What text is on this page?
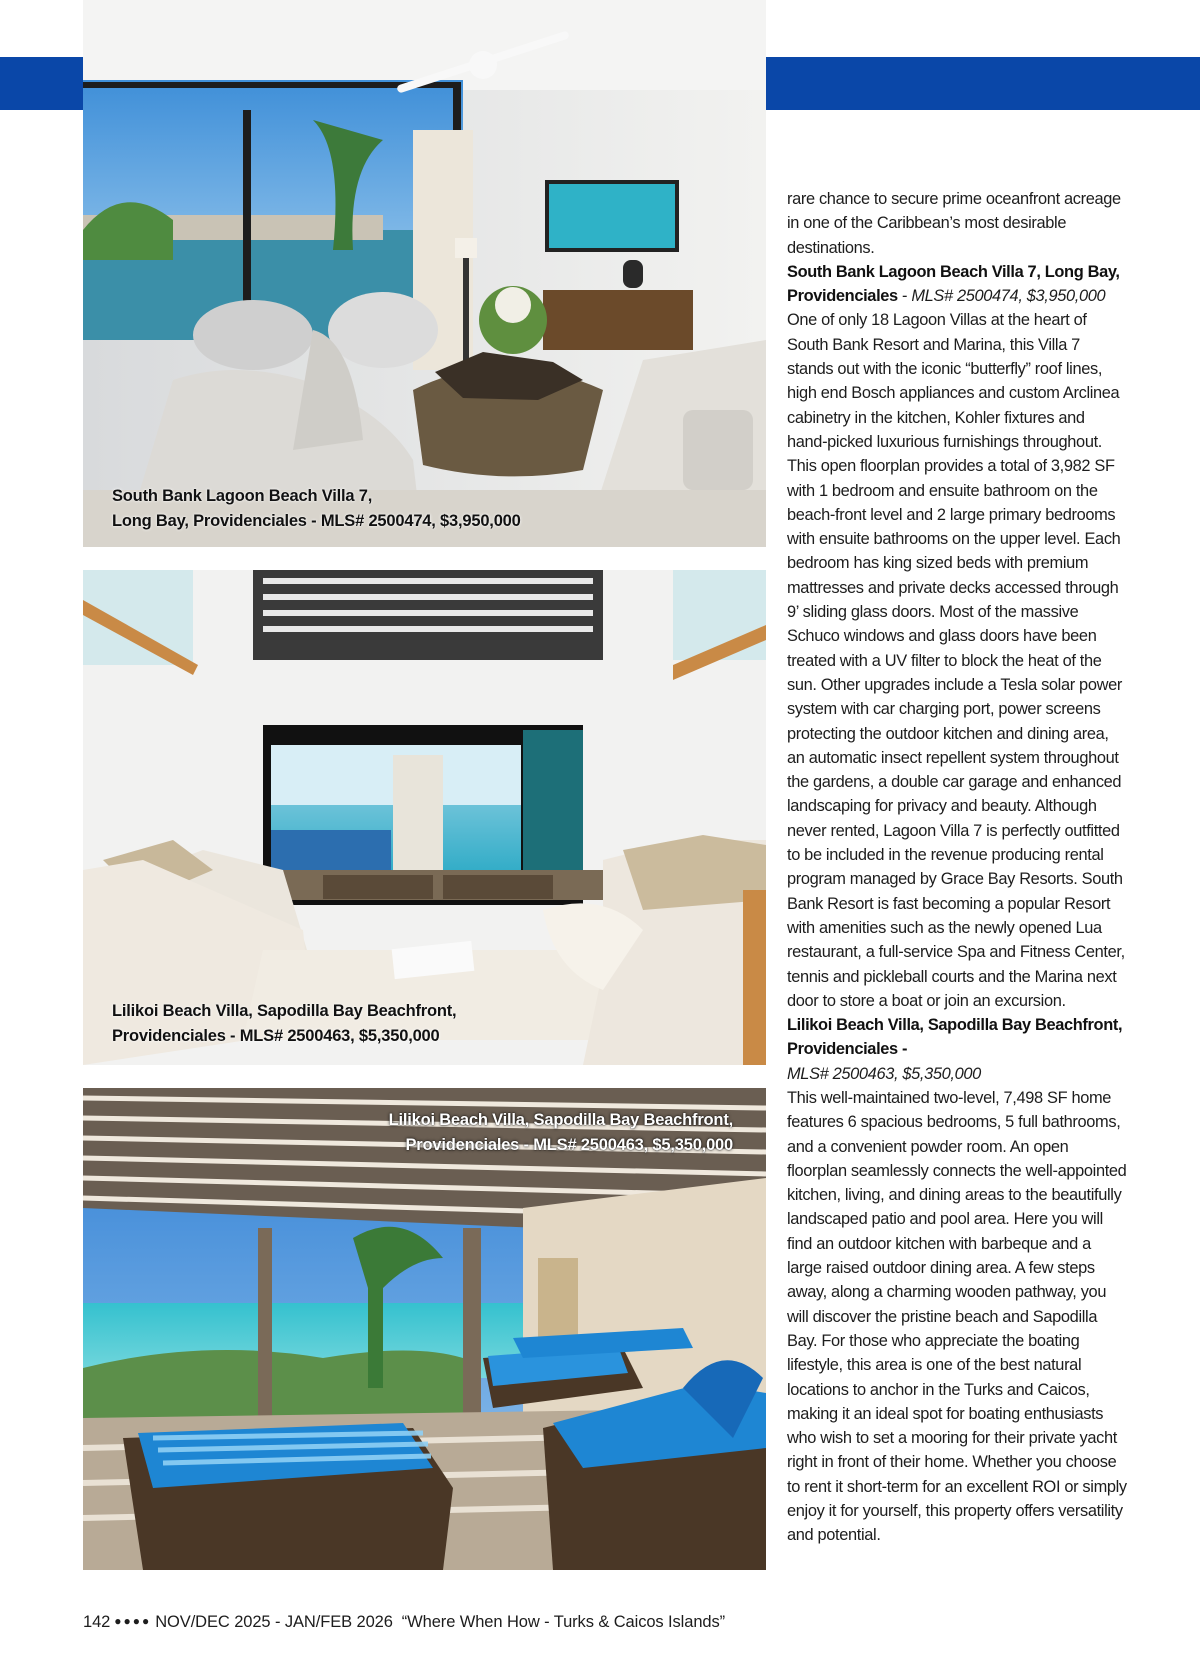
South Bank Lagoon Beach Villa 7,
Long Bay, Providenciales - MLS# 2500474, $3,950,000
Lilikoi Beach Villa, Sapodilla Bay Beachfront,
Providenciales - MLS# 2500463, $5,350,000
Lilikoi Beach Villa, Sapodilla Bay Beachfront,
Providenciales - MLS# 2500463, $5,350,000

rare chance to secure prime oceanfront acreage in one of the Caribbean’s most desirable destinations.

South Bank Lagoon Beach Villa 7, Long Bay, Providenciales - MLS# 2500474, $3,950,000

One of only 18 Lagoon Villas at the heart of South Bank Resort and Marina, this Villa 7 stands out with the iconic “butterfly” roof lines, high end Bosch appliances and custom Arclinea cabinetry in the kitchen, Kohler fixtures and hand-picked luxurious furnishings throughout. This open floorplan provides a total of 3,982 SF with 1 bedroom and ensuite bathroom on the beach-front level and 2 large primary bedrooms with ensuite bathrooms on the upper level. Each bedroom has king sized beds with premium mattresses and private decks accessed through 9’ sliding glass doors. Most of the massive Schuco windows and glass doors have been treated with a UV filter to block the heat of the sun. Other upgrades include a Tesla solar power system with car charging port, power screens protecting the outdoor kitchen and dining area, an automatic insect repellent system throughout the gardens, a double car garage and enhanced landscaping for privacy and beauty. Although never rented, Lagoon Villa 7 is perfectly outfitted to be included in the revenue producing rental program managed by Grace Bay Resorts. South Bank Resort is fast becoming a popular Resort with amenities such as the newly opened Lua restaurant, a full-service Spa and Fitness Center, tennis and pickleball courts and the Marina next door to store a boat or join an excursion.

Lilikoi Beach Villa, Sapodilla Bay Beachfront, Providenciales -
MLS# 2500463, $5,350,000

This well-maintained two-level, 7,498 SF home features 6 spacious bedrooms, 5 full bathrooms, and a convenient powder room. An open floorplan seamlessly connects the well-appointed kitchen, living, and dining areas to the beautifully landscaped patio and pool area. Here you will find an outdoor kitchen with barbeque and a large raised outdoor dining area. A few steps away, along a charming wooden pathway, you will discover the pristine beach and Sapodilla Bay. For those who appreciate the boating lifestyle, this area is one of the best natural locations to anchor in the Turks and Caicos, making it an ideal spot for boating enthusiasts who wish to set a mooring for their private yacht right in front of their home. Whether you choose to rent it short-term for an excellent ROI or simply enjoy it for yourself, this property offers versatility and potential.

142 ●●●● NOV/DEC 2025 - JAN/FEB 2026 “Where When How - Turks & Caicos Islands”
